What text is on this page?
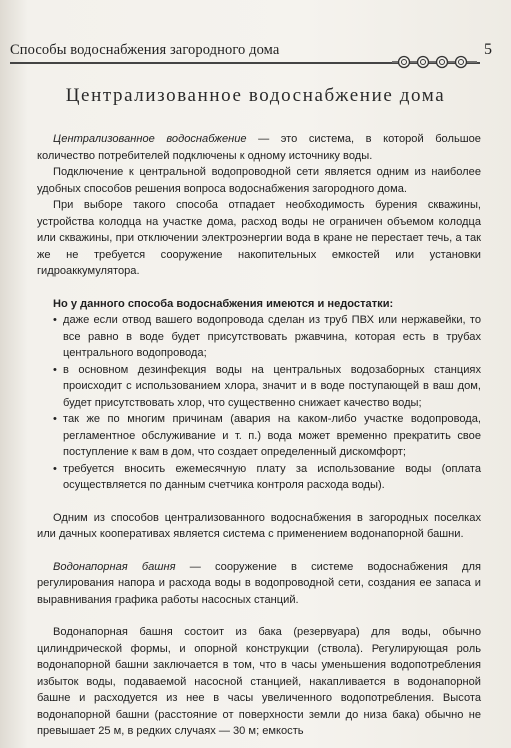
Способы водоснабжения загородного дома	5
Централизованное водоснабжение дома

Централизованное водоснабжение — это система, в которой большое количество потребителей подключены к одному источнику воды.

Подключение к центральной водопроводной сети является одним из наиболее удобных способов решения вопроса водоснабжения загородного дома.

При выборе такого способа отпадает необходимость бурения скважины, устройства колодца на участке дома, расход воды не ограничен объемом колодца или скважины, при отключении электроэнергии вода в кране не перестает течь, а так же не требуется сооружение накопительных емкостей или установки гидроаккумулятора.

Но у данного способа водоснабжения имеются и недостатки:

• даже если отвод вашего водопровода сделан из труб ПВХ или нержавейки, то все равно в воде будет присутствовать ржавчина, которая есть в трубах центрального водопровода;
• в основном дезинфекция воды на центральных водозаборных станциях происходит с использованием хлора, значит и в воде поступающей в ваш дом, будет присутствовать хлор, что существенно снижает качество воды;
• так же по многим причинам (авария на каком-либо участке водопровода, регламентное обслуживание и т. п.) вода может временно прекратить свое поступление к вам в дом, что создает определенный дискомфорт;
• требуется вносить ежемесячную плату за использование воды (оплата осуществляется по данным счетчика контроля расхода воды).

Одним из способов централизованного водоснабжения в загородных поселках или дачных кооперативах является система с применением водонапорной башни.

Водонапорная башня — сооружение в системе водоснабжения для регулирования напора и расхода воды в водопроводной сети, создания ее запаса и выравнивания графика работы насосных станций.

Водонапорная башня состоит из бака (резервуара) для воды, обычно цилиндрической формы, и опорной конструкции (ствола). Регулирующая роль водонапорной башни заключается в том, что в часы уменьшения водопотребления избыток воды, подаваемой насосной станцией, накапливается в водонапорной башне и расходуется из нее в часы увеличенного водопотребления. Высота водонапорной башни (расстояние от поверхности земли до низа бака) обычно не превышает 25 м, в редких случаях — 30 м; емкость
